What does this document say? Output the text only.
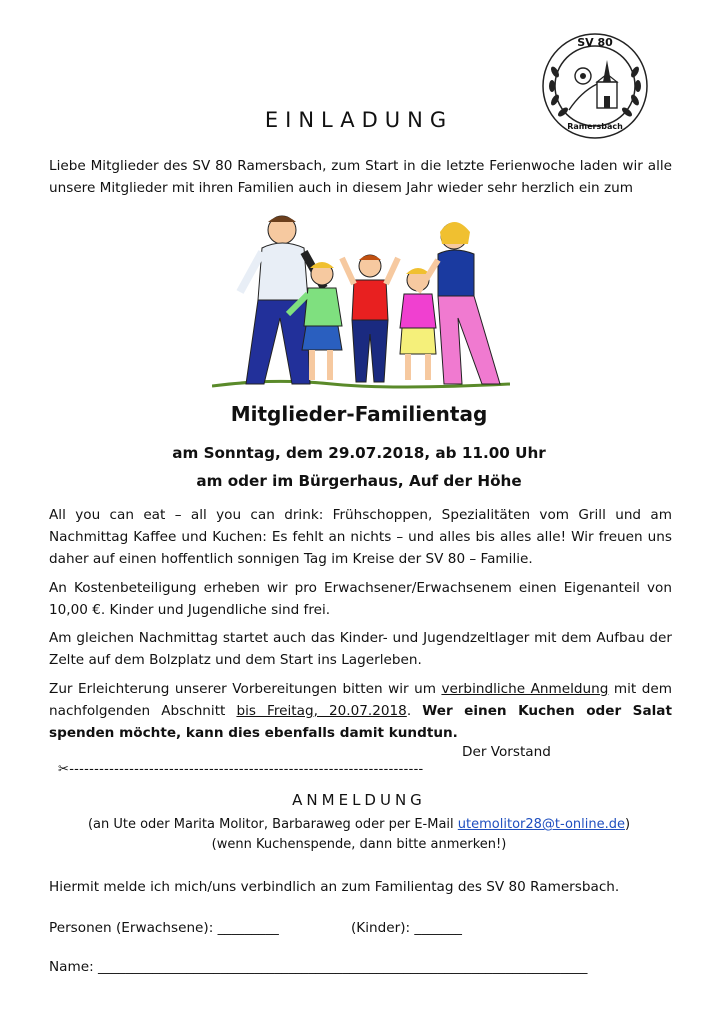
SV 80
Ramersbach
EINLADUNG
Liebe Mitglieder des SV 80 Ramersbach, zum Start in die letzte Ferienwoche laden wir alle unsere Mitglieder mit ihren Familien auch in diesem Jahr wieder sehr herzlich ein zum
Mitglieder-Familientag
am Sonntag, dem 29.07.2018, ab 11.00 Uhr
am oder im Bürgerhaus, Auf der Höhe
All you can eat – all you can drink: Frühschoppen, Spezialitäten vom Grill und am Nachmittag Kaffee und Kuchen: Es fehlt an nichts – und alles bis alles alle! Wir freuen uns daher auf einen hoffentlich sonnigen Tag im Kreise der SV 80 – Familie.
An Kostenbeteiligung erheben wir pro Erwachsener/Erwachsenem einen Eigenanteil von 10,00 €. Kinder und Jugendliche sind frei.
Am gleichen Nachmittag startet auch das Kinder- und Jugendzeltlager mit dem Aufbau der Zelte auf dem Bolzplatz und dem Start ins Lagerleben.
Zur Erleichterung unserer Vorbereitungen bitten wir um verbindliche Anmeldung mit dem nachfolgenden Abschnitt bis Freitag, 20.07.2018. Wer einen Kuchen oder Salat spenden möchte, kann dies ebenfalls damit kundtun.
Der Vorstand
✂-----------------------------------------------------------------------
ANMELDUNG
(an Ute oder Marita Molitor, Barbaraweg oder per E-Mail utemolitor28@t-online.de)
(wenn Kuchenspende, dann bitte anmerken!)
Hiermit melde ich mich/uns verbindlich an zum Familientag des SV 80 Ramersbach.
Personen (Erwachsene): _________	(Kinder): _______
Name: ________________________________________________________________________
